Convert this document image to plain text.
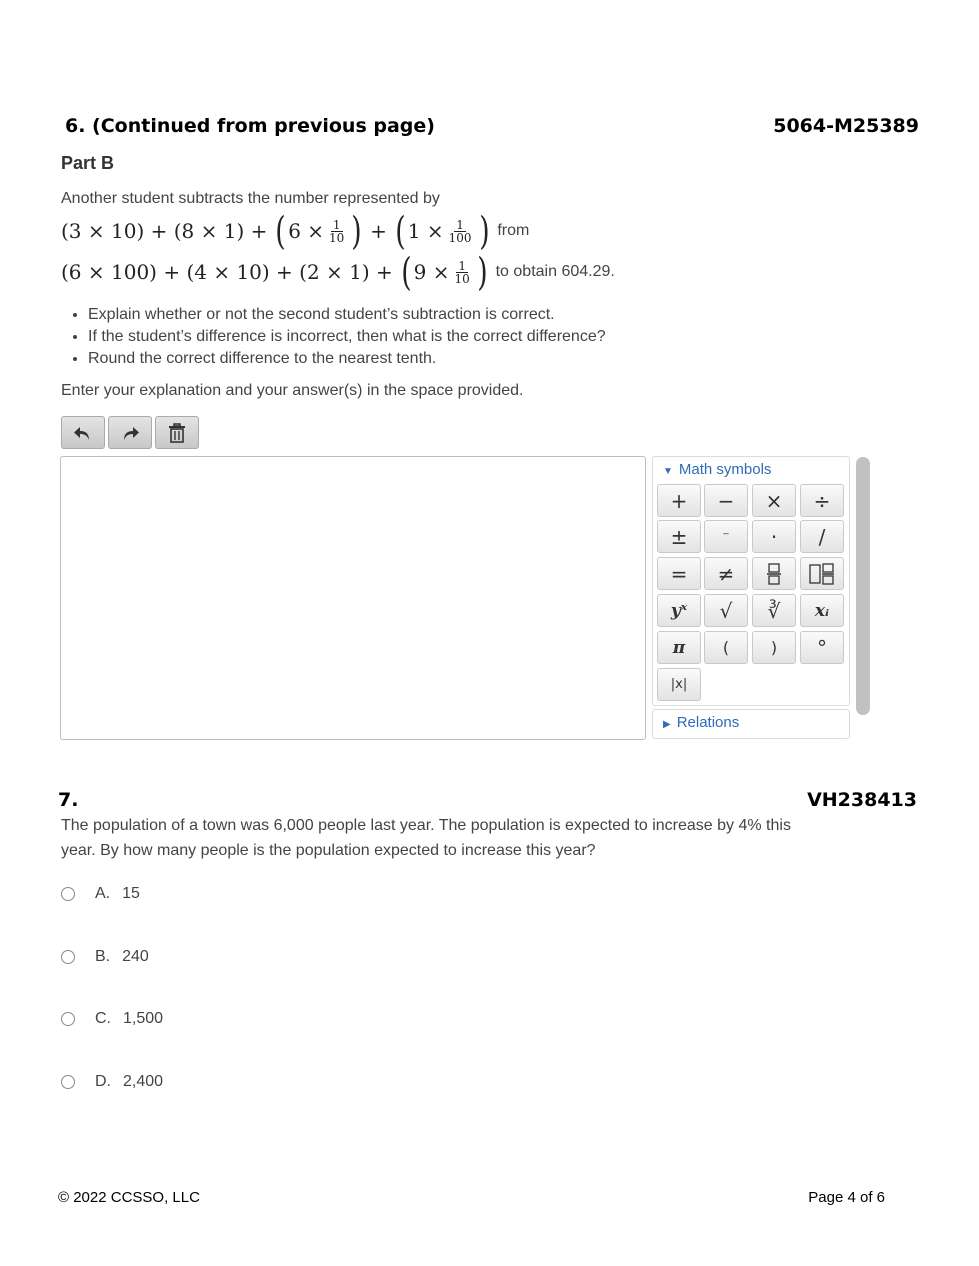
6. (Continued from previous page)	5064-M25389
Part B
Another student subtracts the number represented by
(3 × 10) + (8 × 1) + ( $6 \times \frac{1}{10}$ ) + ( $1 \times \frac{1}{100}$ ) from
(6 × 100) + (4 × 10) + (2 × 1) + ( $9 \times \frac{1}{10}$ ) to obtain 604.29.
• Explain whether or not the second student’s subtraction is correct.
• If the student’s difference is incorrect, then what is the correct difference?
• Round the correct difference to the nearest tenth.
Enter your explanation and your answer(s) in the space provided.
▼ Math symbols
+	−	×	÷
±	⁻	·	/
=	≠
yˣ	√	∛	xᵢ
π	(	)	°
|x|
▶ Relations
7.	VH238413
The population of a town was 6,000 people last year. The population is expected to increase by 4% this
year. By how many people is the population expected to increase this year?
A. 15
B. 240
C. 1,500
D. 2,400
© 2022 CCSSO, LLC	Page 4 of 6
